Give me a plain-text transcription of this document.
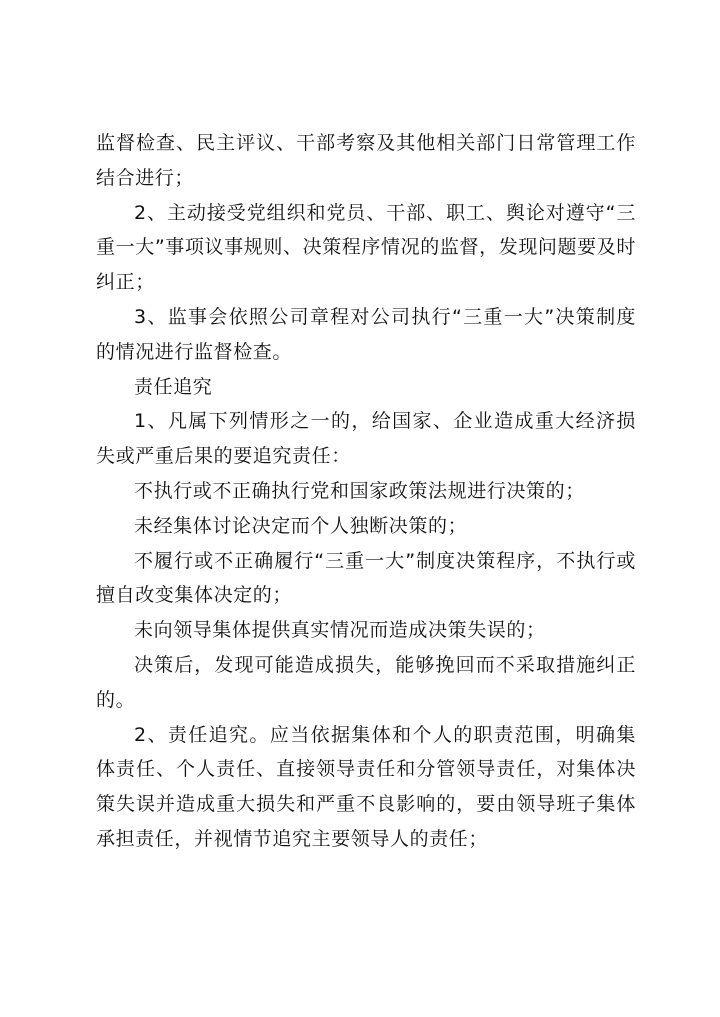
监督检查、民主评议、干部考察及其他相关部门日常管理工作结合进行；

2、主动接受党组织和党员、干部、职工、舆论对遵守“三重一大”事项议事规则、决策程序情况的监督，发现问题要及时纠正；

3、监事会依照公司章程对公司执行“三重一大”决策制度的情况进行监督检查。

责任追究

1、凡属下列情形之一的，给国家、企业造成重大经济损失或严重后果的要追究责任：

不执行或不正确执行党和国家政策法规进行决策的；

未经集体讨论决定而个人独断决策的；

不履行或不正确履行“三重一大”制度决策程序，不执行或擅自改变集体决定的；

未向领导集体提供真实情况而造成决策失误的；

决策后，发现可能造成损失，能够挽回而不采取措施纠正的。

2、责任追究。应当依据集体和个人的职责范围，明确集体责任、个人责任、直接领导责任和分管领导责任，对集体决策失误并造成重大损失和严重不良影响的，要由领导班子集体承担责任，并视情节追究主要领导人的责任；
